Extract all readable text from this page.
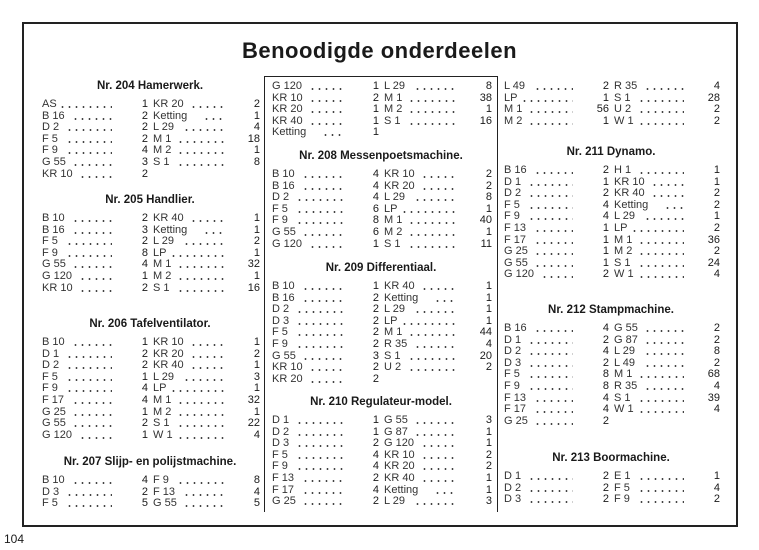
Benoodigde onderdeelen
Nr. 204 Hamerwerk.
AS	1 KR 20	2
B 16	2 Ketting	1
D 2	2 L 29	4
F 5	2 M 1	18
F 9	4 M 2	1
G 55	3 S 1	8
KR 10	2
Nr. 205 Handlier.
B 10	2 KR 40	1
B 16	3 Ketting	1
F 5	2 L 29	2
F 9	8 LP	1
G 55	4 M 1	32
G 120	1 M 2	1
KR 10	2 S 1	16
Nr. 206 Tafelventilator.
B 10	1 KR 10	1
D 1	2 KR 20	2
D 2	2 KR 40	1
F 5	1 L 29	3
F 9	4 LP	1
F 17	4 M 1	32
G 25	1 M 2	1
G 55	2 S 1	22
G 120	1 W 1	4
Nr. 207 Slijp- en polijstmachine.
B 10	4 F 9	8
D 3	2 F 13	4
F 5	5 G 55	5
G 120	1 L 29	8
KR 10	2 M 1	38
KR 20	1 M 2	1
KR 40	1 S 1	16
Ketting	1
Nr. 208 Messenpoetsmachine.
B 10	4 KR 10	2
B 16	4 KR 20	2
D 2	4 L 29	8
F 5	6 LP	1
F 9	8 M 1	40
G 55	6 M 2	1
G 120	1 S 1	11
Nr. 209 Differentiaal.
B 10	1 KR 40	1
B 16	2 Ketting	1
D 2	2 L 29	1
D 3	2 LP	1
F 5	2 M 1	44
F 9	2 R 35	4
G 55	3 S 1	20
KR 10	2 U 2	2
KR 20	2
Nr. 210 Regulateur-model.
D 1	1 G 55	3
D 2	1 G 87	1
D 3	2 G 120	1
F 5	4 KR 10	2
F 9	4 KR 20	2
F 13	2 KR 40	1
F 17	4 Ketting	1
G 25	2 L 29	3
L 49	2 R 35	4
LP	1 S 1	28
M 1	56 U 2	2
M 2	1 W 1	2
Nr. 211 Dynamo.
B 16	2 H 1	1
D 1	1 KR 10	1
D 2	2 KR 40	2
F 5	4 Ketting	2
F 9	4 L 29	1
F 13	1 LP	2
F 17	1 M 1	36
G 25	1 M 2	2
G 55	1 S 1	24
G 120	2 W 1	4
Nr. 212 Stampmachine.
B 16	4 G 55	2
D 1	2 G 87	2
D 2	4 L 29	8
D 3	2 L 49	2
F 5	8 M 1	68
F 9	8 R 35	4
F 13	4 S 1	39
F 17	4 W 1	4
G 25	2
Nr. 213 Boormachine.
D 1	2 E 1	1
D 2	2 F 5	4
D 3	2 F 9	2
104
